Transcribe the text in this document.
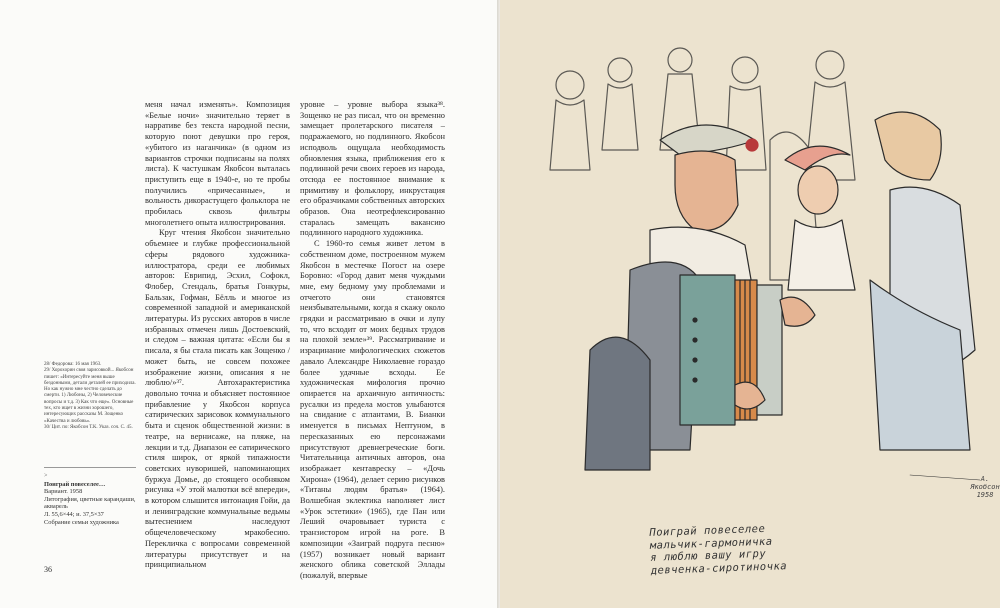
меня начал изменять». Композиция «Белые ночи» значительно теряет в нарративе без текста народной песни, которую поют девушки про героя, «убитого из наганчика» (в одном из вариантов строчки подписаны на полях листа). К частушкам Якобсон выталась приступить еще в 1940-е, но те пробы получились «причесанные», и вольность дикорастущего фольклора не пробилась сквозь фильтры многолетнего опыта иллюстрирования.

Круг чтения Якобсон значительно объемнее и глубже профессиональной сферы рядового художника-иллюстратора, среди ее любимых авторов: Еврипид, Эсхил, Софокл, Флобер, Стендаль, братья Гонкуры, Бальзак, Гофман, Бёлль и многое из современной западной и американской литературы. Из русских авторов в числе избранных отмечен лишь Достоевский, и следом – важная цитата: «Если бы я писала, я бы стала писать как Зощенко /может быть, не совсем похожее изображение жизни, описания я не люблю/»³⁷. Автохарактеристика довольно точна и объясняет постоянное прибавление у Якобсон корпуса сатирических зарисовок коммунального быта и сценок общественной жизни: в театре, на вернисаже, на пляже, на лекции и т.д. Диапазон ее сатирического стиля широк, от яркой типажности советских нуворишей, напоминающих буржуа Домье, до стоящего особняком рисунка «У этой малютки всё впереди», в котором слышится интонация Гойи, да и ленинградские коммунальные ведьмы вытеснением наследуют общечеловеческому мракобесию. Перекличка с вопросами современной литературы присутствует и на принципиальном

уровне – уровне выбора языка³⁸. Зощенко не раз писал, что он временно замещает пролетарского писателя – подражаемого, но подлинного. Якобсон исподволь ощущала необходимость обновления языка, приближения его к подлинной речи своих героев из народа, отсюда ее постоянное внимание к примитиву и фольклору, инкрустация его образчиками собственных авторских образов. Она неотрефлексированно старалась замещать вакансию подлинного народного художника.

С 1960-то семья живет летом в собственном доме, построенном мужем Якобсон в местечке Погост на озере Боровно: «Город давит меня чуждыми мне, ему бедному уму проблемами и отчегото они становятся неизбывательными, когда я скажу около грядки и рассматриваю в очки и лупу то, что всходит от моих бедных трудов на плохой земле»³⁹. Рассматривание и израцинание мифологических сюжетов давало Александре Николаевне гораздо более удачные всходы. Ее художническая мифология прочно опирается на архаичную античность: русалки из предела мостов улыбаются на свидание с атлантами, В. Бианки именуется в письмах Нептуном, в пересказанных ею персонажами присутствуют древнегреческие боги. Читательница античных авторов, она изображает кентавреску – «Дочь Хирона» (1964), делает серию рисунков «Титаны людям братья» (1964). Волшебная эклектика наполняет лист «Урок эстетики» (1965), где Пан или Леший очаровывает туриста с транзистором игрой на роге. В композиции «Заиграй подруга песню» (1957) возникает новый вариант женского облика советской Эллады (пожалуй, впервые

28/ Федорова: 16 мая 1963.
29/ Хорохорин своя зарисовкой... Якобсон пишет: «Интересуйте меня выше бездонными, детали деталей ее приходила. Но как нужно мне честно сделать до смерти. 1) Любоны, 2) Человеческие вопросы и т.д. 3) Как что еще». Основные тех, кто ищет в жизни хорошего, интересующих рассказы М. Зощенко «Качества и любовь».
30/ Цит. по: Якобсон Т.К. Указ. соч. С. 45.
>
Поиграй повеселее…
Вариант. 1958
Литография, цветные карандаши, акварель
Л. 55,6×44; и. 37,5×37
Собрание семьи художника
36
А. Якобсон
1958
Поиграй повеселее
мальчик-гармоничка
я люблю вашу игру
девченка-сиротиночка
